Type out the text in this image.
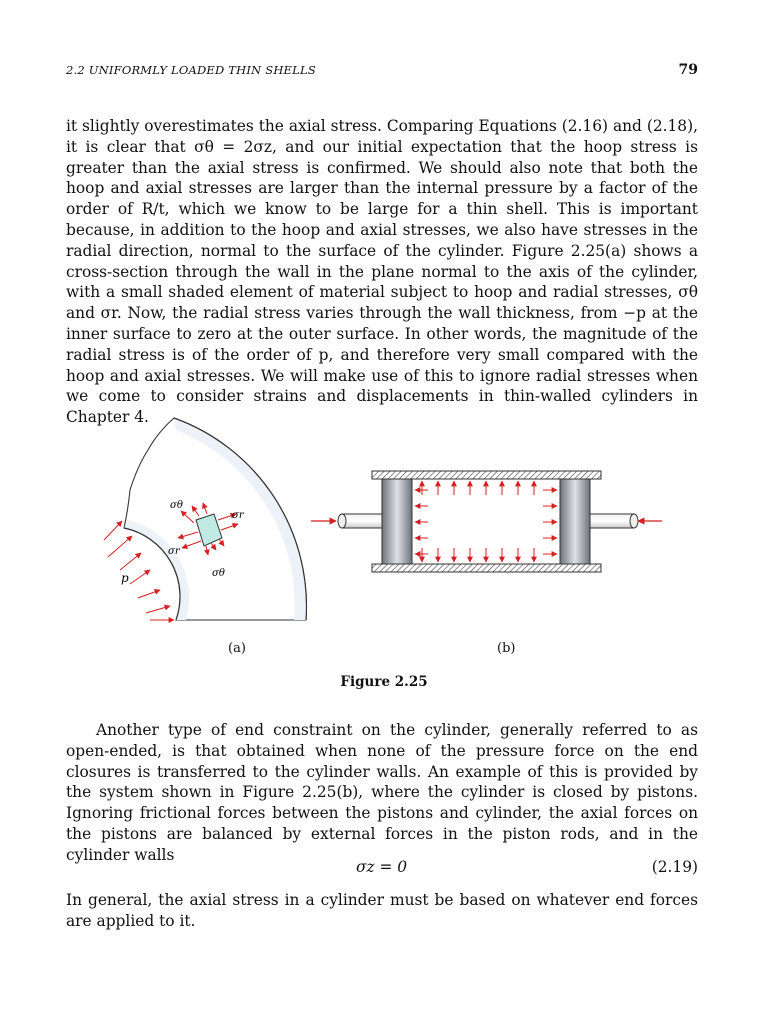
2.2 UNIFORMLY LOADED THIN SHELLS	79

it slightly overestimates the axial stress. Comparing Equations (2.16) and (2.18), it is clear that σθ = 2σz, and our initial expectation that the hoop stress is greater than the axial stress is confirmed. We should also note that both the hoop and axial stresses are larger than the internal pressure by a factor of the order of R/t, which we know to be large for a thin shell. This is important because, in addition to the hoop and axial stresses, we also have stresses in the radial direction, normal to the surface of the cylinder. Figure 2.25(a) shows a cross-section through the wall in the plane normal to the axis of the cylinder, with a small shaded element of material subject to hoop and radial stresses, σθ and σr. Now, the radial stress varies through the wall thickness, from −p at the inner surface to zero at the outer surface. In other words, the magnitude of the radial stress is of the order of p, and therefore very small compared with the hoop and axial stresses. We will make use of this to ignore radial stresses when we come to consider strains and displacements in thin-walled cylinders in Chapter 4.

σθ
σr
σr
σθ
p
(a)	(b)
Figure 2.25

Another type of end constraint on the cylinder, generally referred to as open-ended, is that obtained when none of the pressure force on the end closures is transferred to the cylinder walls. An example of this is provided by the system shown in Figure 2.25(b), where the cylinder is closed by pistons. Ignoring frictional forces between the pistons and cylinder, the axial forces on the pistons are balanced by external forces in the piston rods, and in the cylinder walls

σz = 0	(2.19)

In general, the axial stress in a cylinder must be based on whatever end forces are applied to it.
